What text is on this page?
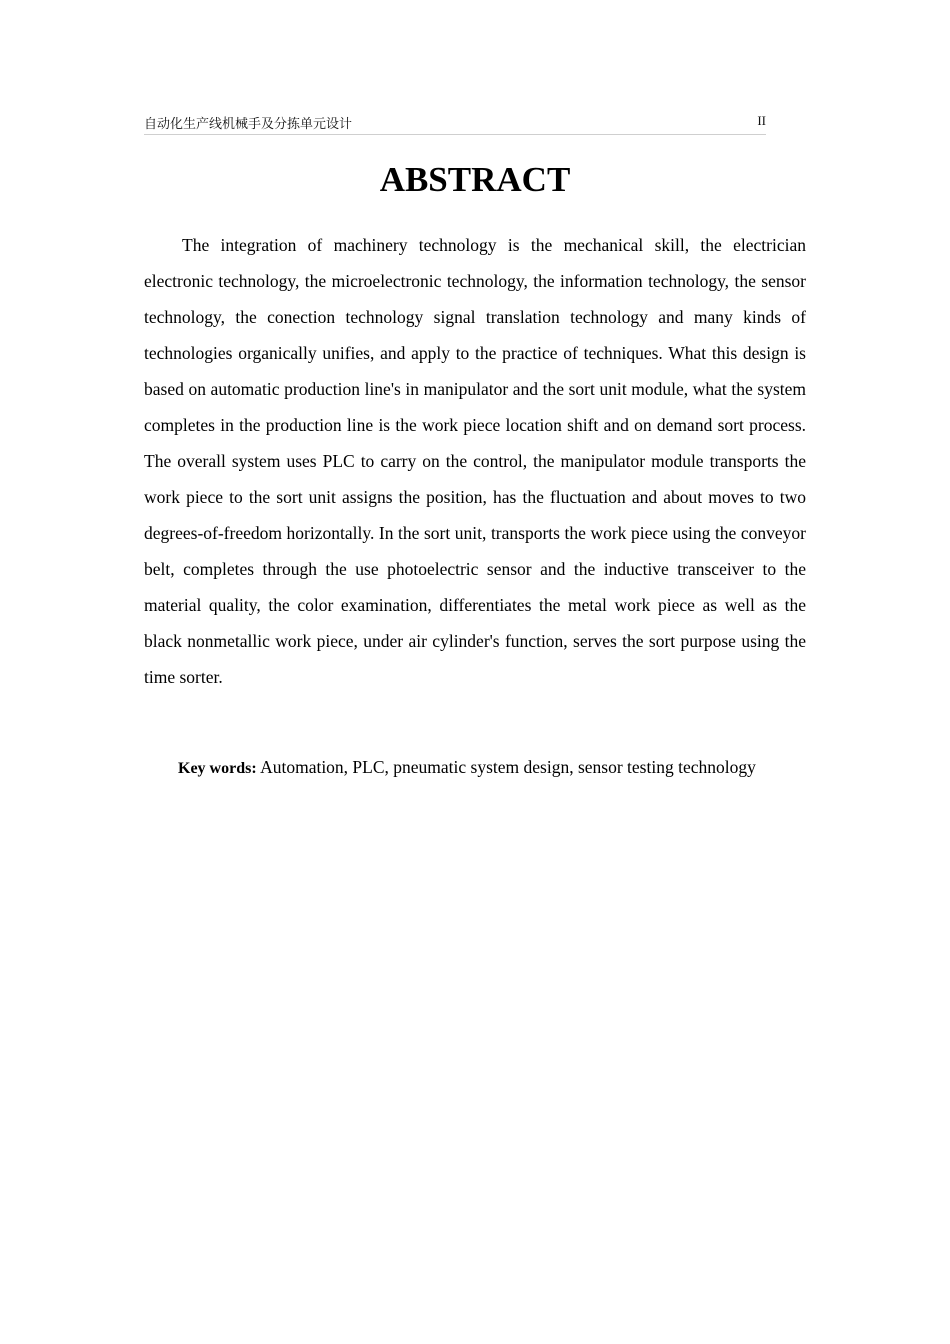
自动化生产线机械手及分拣单元设计	II
ABSTRACT

The integration of machinery technology is the mechanical skill, the electrician electronic technology, the microelectronic technology, the information technology, the sensor technology, the conection technology signal translation technology and many kinds of technologies organically unifies, and apply to the practice of techniques. What this design is based on automatic production line's in manipulator and the sort unit module, what the system completes in the production line is the work piece location shift and on demand sort process. The overall system uses PLC to carry on the control, the manipulator module transports the work piece to the sort unit assigns the position, has the fluctuation and about moves to two degrees-of-freedom horizontally. In the sort unit, transports the work piece using the conveyor belt, completes through the use photoelectric sensor and the inductive transceiver to the material quality, the color examination, differentiates the metal work piece as well as the black nonmetallic work piece, under air cylinder's function, serves the sort purpose using the time sorter.

Key words: Automation, PLC, pneumatic system design, sensor testing technology
